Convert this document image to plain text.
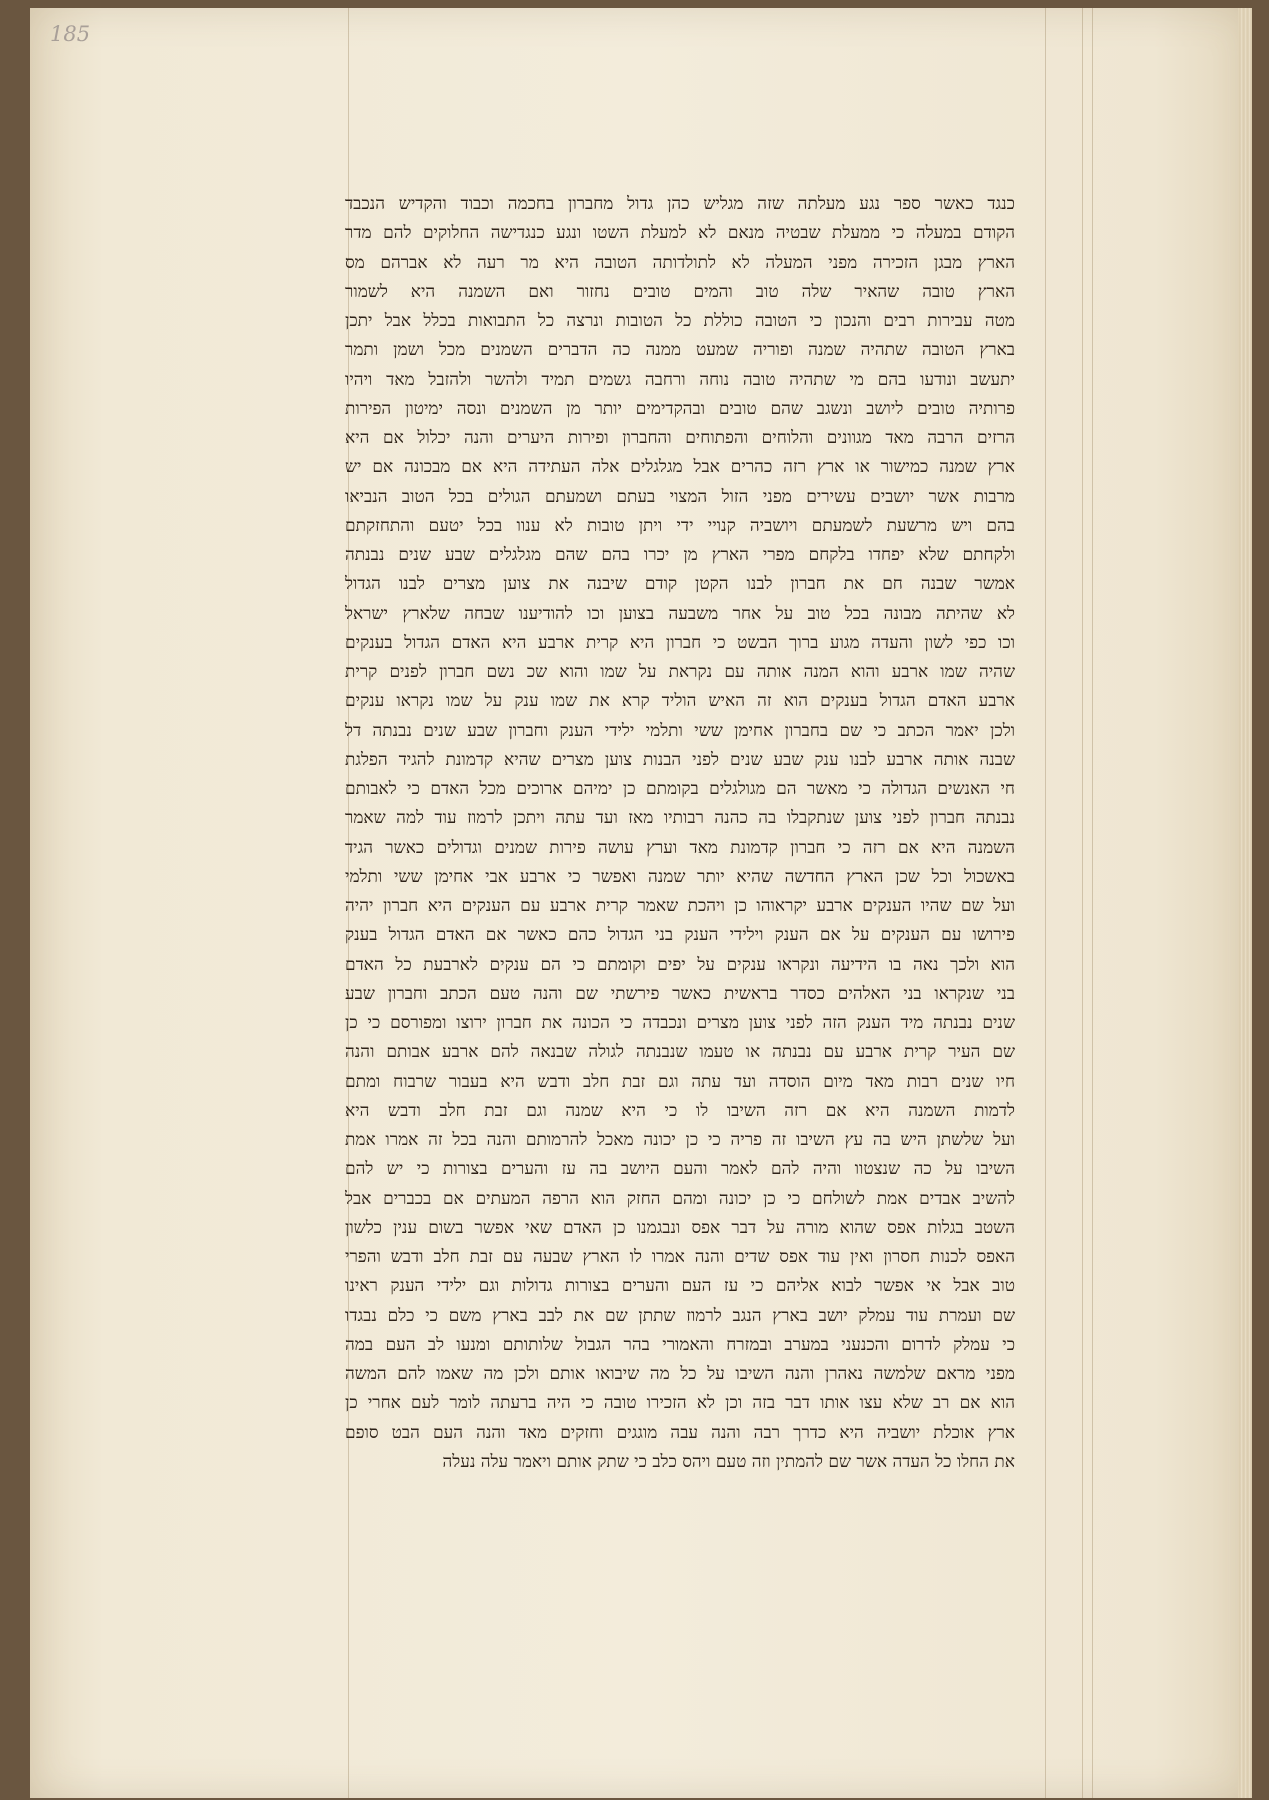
185
כנגד כאשר ספר נגע מעלתה שזה מגליש כהן גדול מחברון בחכמה וכבוד והקדיש הנכבד
הקודם במעלה כי ממעלת שבטיה מנאם לא למעלת השטו ונגע כנגדישה החלוקים להם מדר
הארץ מבגן הזכירה מפני המעלה לא לתולדותה הטובה היא מר רעה לא אברהם מס
הארץ טובה שהאיר שלה טוב והמים טובים נחזור ואם השמנה היא לשמור
מטה עבירות רבים והנכון כי הטובה כוללת כל הטובות ונרצה כל התבואות בכלל אבל יתכן
בארץ הטובה שתהיה שמנה ופוריה שמעט ממנה כה הדברים השמנים מכל ושמן ותמר
יתעשב ונודעו בהם מי שתהיה טובה נוחה ורחבה גשמים תמיד ולהשר ולהזבל מאד ויהיו
פרותיה טובים ליושב ונשגב שהם טובים ובהקדימים יותר מן השמנים ונסה ימיטון הפירות
הרזים הרבה מאד מגוונים והלוחים והפתוחים והחברון ופירות היערים והנה יכלול אם היא
ארץ שמנה כמישור או ארץ רזה כהרים אבל מגלגלים אלה העתידה היא אם מבכונה אם יש
מרבות אשר יושבים עשירים מפני הזול המצוי בעתם ושמעתם הגולים בכל הטוב הנביאו
בהם ויש מרשעת לשמעתם ויושביה קנויי ידי ויתן טובות לא ענוו בכל יטעם והתחזקתם
ולקחתם שלא יפחדו בלקחם מפרי הארץ מן יכרו בהם שהם מגלגלים שבע שנים נבנתה
אמשר שבנה חם את חברון לבנו הקטן קודם שיבנה את צוען מצרים לבנו הגדול
לא שהיתה מבונה בכל טוב על אחר משבעה בצוען וכו להודיענו שבחה שלארץ ישראל
וכו כפי לשון והעדה מגוע ברוך הבשט כי חברון היא קרית ארבע היא האדם הגדול בענקים
שהיה שמו ארבע והוא המנה אותה עם נקראת על שמו והוא שכ נשם חברון לפנים קרית
ארבע האדם הגדול בענקים הוא זה האיש הוליד קרא את שמו ענק על שמו נקראו ענקים
ולכן יאמר הכתב כי שם בחברון אחימן ששי ותלמי ילידי הענק וחברון שבע שנים נבנתה דל
שבנה אותה ארבע לבנו ענק שבע שנים לפני הבנות צוען מצרים שהיא קדמונת להגיד הפלגת
חי האנשים הגדולה כי מאשר הם מגולגלים בקומתם כן ימיהם ארוכים מכל האדם כי לאבותם
נבנתה חברון לפני צוען שנתקבלו בה כהנה רבותיו מאז ועד עתה ויתכן לרמוז עוד למה שאמר
השמנה היא אם רזה כי חברון קדמונת מאד וערץ עושה פירות שמנים וגדולים כאשר הגיד
באשכול וכל שכן הארץ החדשה שהיא יותר שמנה ואפשר כי ארבע אבי אחימן ששי ותלמי
ועל שם שהיו הענקים ארבע יקראוהו כן ויהכת שאמר קרית ארבע עם הענקים היא חברון יהיה
פירושו עם הענקים על אם הענק וילידי הענק בני הגדול כהם כאשר אם האדם הגדול בענק
הוא ולכך נאה בו הידיעה ונקראו ענקים על יפים וקומתם כי הם ענקים לארבעת כל האדם
בני שנקראו בני האלהים כסדר בראשית כאשר פירשתי שם והנה טעם הכתב וחברון שבע
שנים נבנתה מיד הענק הזה לפני צוען מצרים ונכבדה כי הכונה את חברון ירוצו ומפורסם כי כן
שם העיר קרית ארבע עם נבנתה או טעמו שנבנתה לגולה שבנאה להם ארבע אבותם והנה
חיו שנים רבות מאד מיום הוסדה ועד עתה וגם זבת חלב ודבש היא בעבור שרבוח ומתם
לדמות השמנה היא אם רזה השיבו לו כי היא שמנה וגם זבת חלב ודבש היא
ועל שלשתן היש בה עץ השיבו זה פריה כי כן יכונה מאכל להרמותם והנה בכל זה אמרו אמת
השיבו על כה שנצטוו והיה להם לאמר והעם היושב בה עז והערים בצורות כי יש להם
להשיב אבדים אמת לשולחם כי כן יכונה ומהם החזק הוא הרפה המעתים אם בכברים אבל
השטב בגלות אפס שהוא מורה על דבר אפס ונבגמנו כן האדם שאי אפשר בשום ענין כלשון
האפס לכנות חסרון ואין עוד אפס שדים והנה אמרו לו הארץ שבעה עם זבת חלב ודבש והפרי
טוב אבל אי אפשר לבוא אליהם כי עז העם והערים בצורות גדולות וגם ילידי הענק ראינו
שם ועמרת עוד עמלק יושב בארץ הנגב לרמוז שתתן שם את לבב בארץ משם כי כלם נבגדו
כי עמלק לדרום והכנעני במערב ובמזרח והאמורי בהר הגבול שלותותם ומנעו לב העם במה
מפני מראם שלמשה נאהרן והנה השיבו על כל מה שיבואו אותם ולכן מה שאמו להם המשה
הוא אם רב שלא עצו אותו דבר בזה וכן לא הזכירו טובה כי היה ברעתה לומר לעם אחרי כן
ארץ אוכלת יושביה היא כדרך רבה והנה עבה מוגגים וחזקים מאד והנה העם הבט סופם
את החלו כל העדה אשר שם להמתין וזה טעם ויהס כלב כי שתק אותם ויאמר עלה נעלה
